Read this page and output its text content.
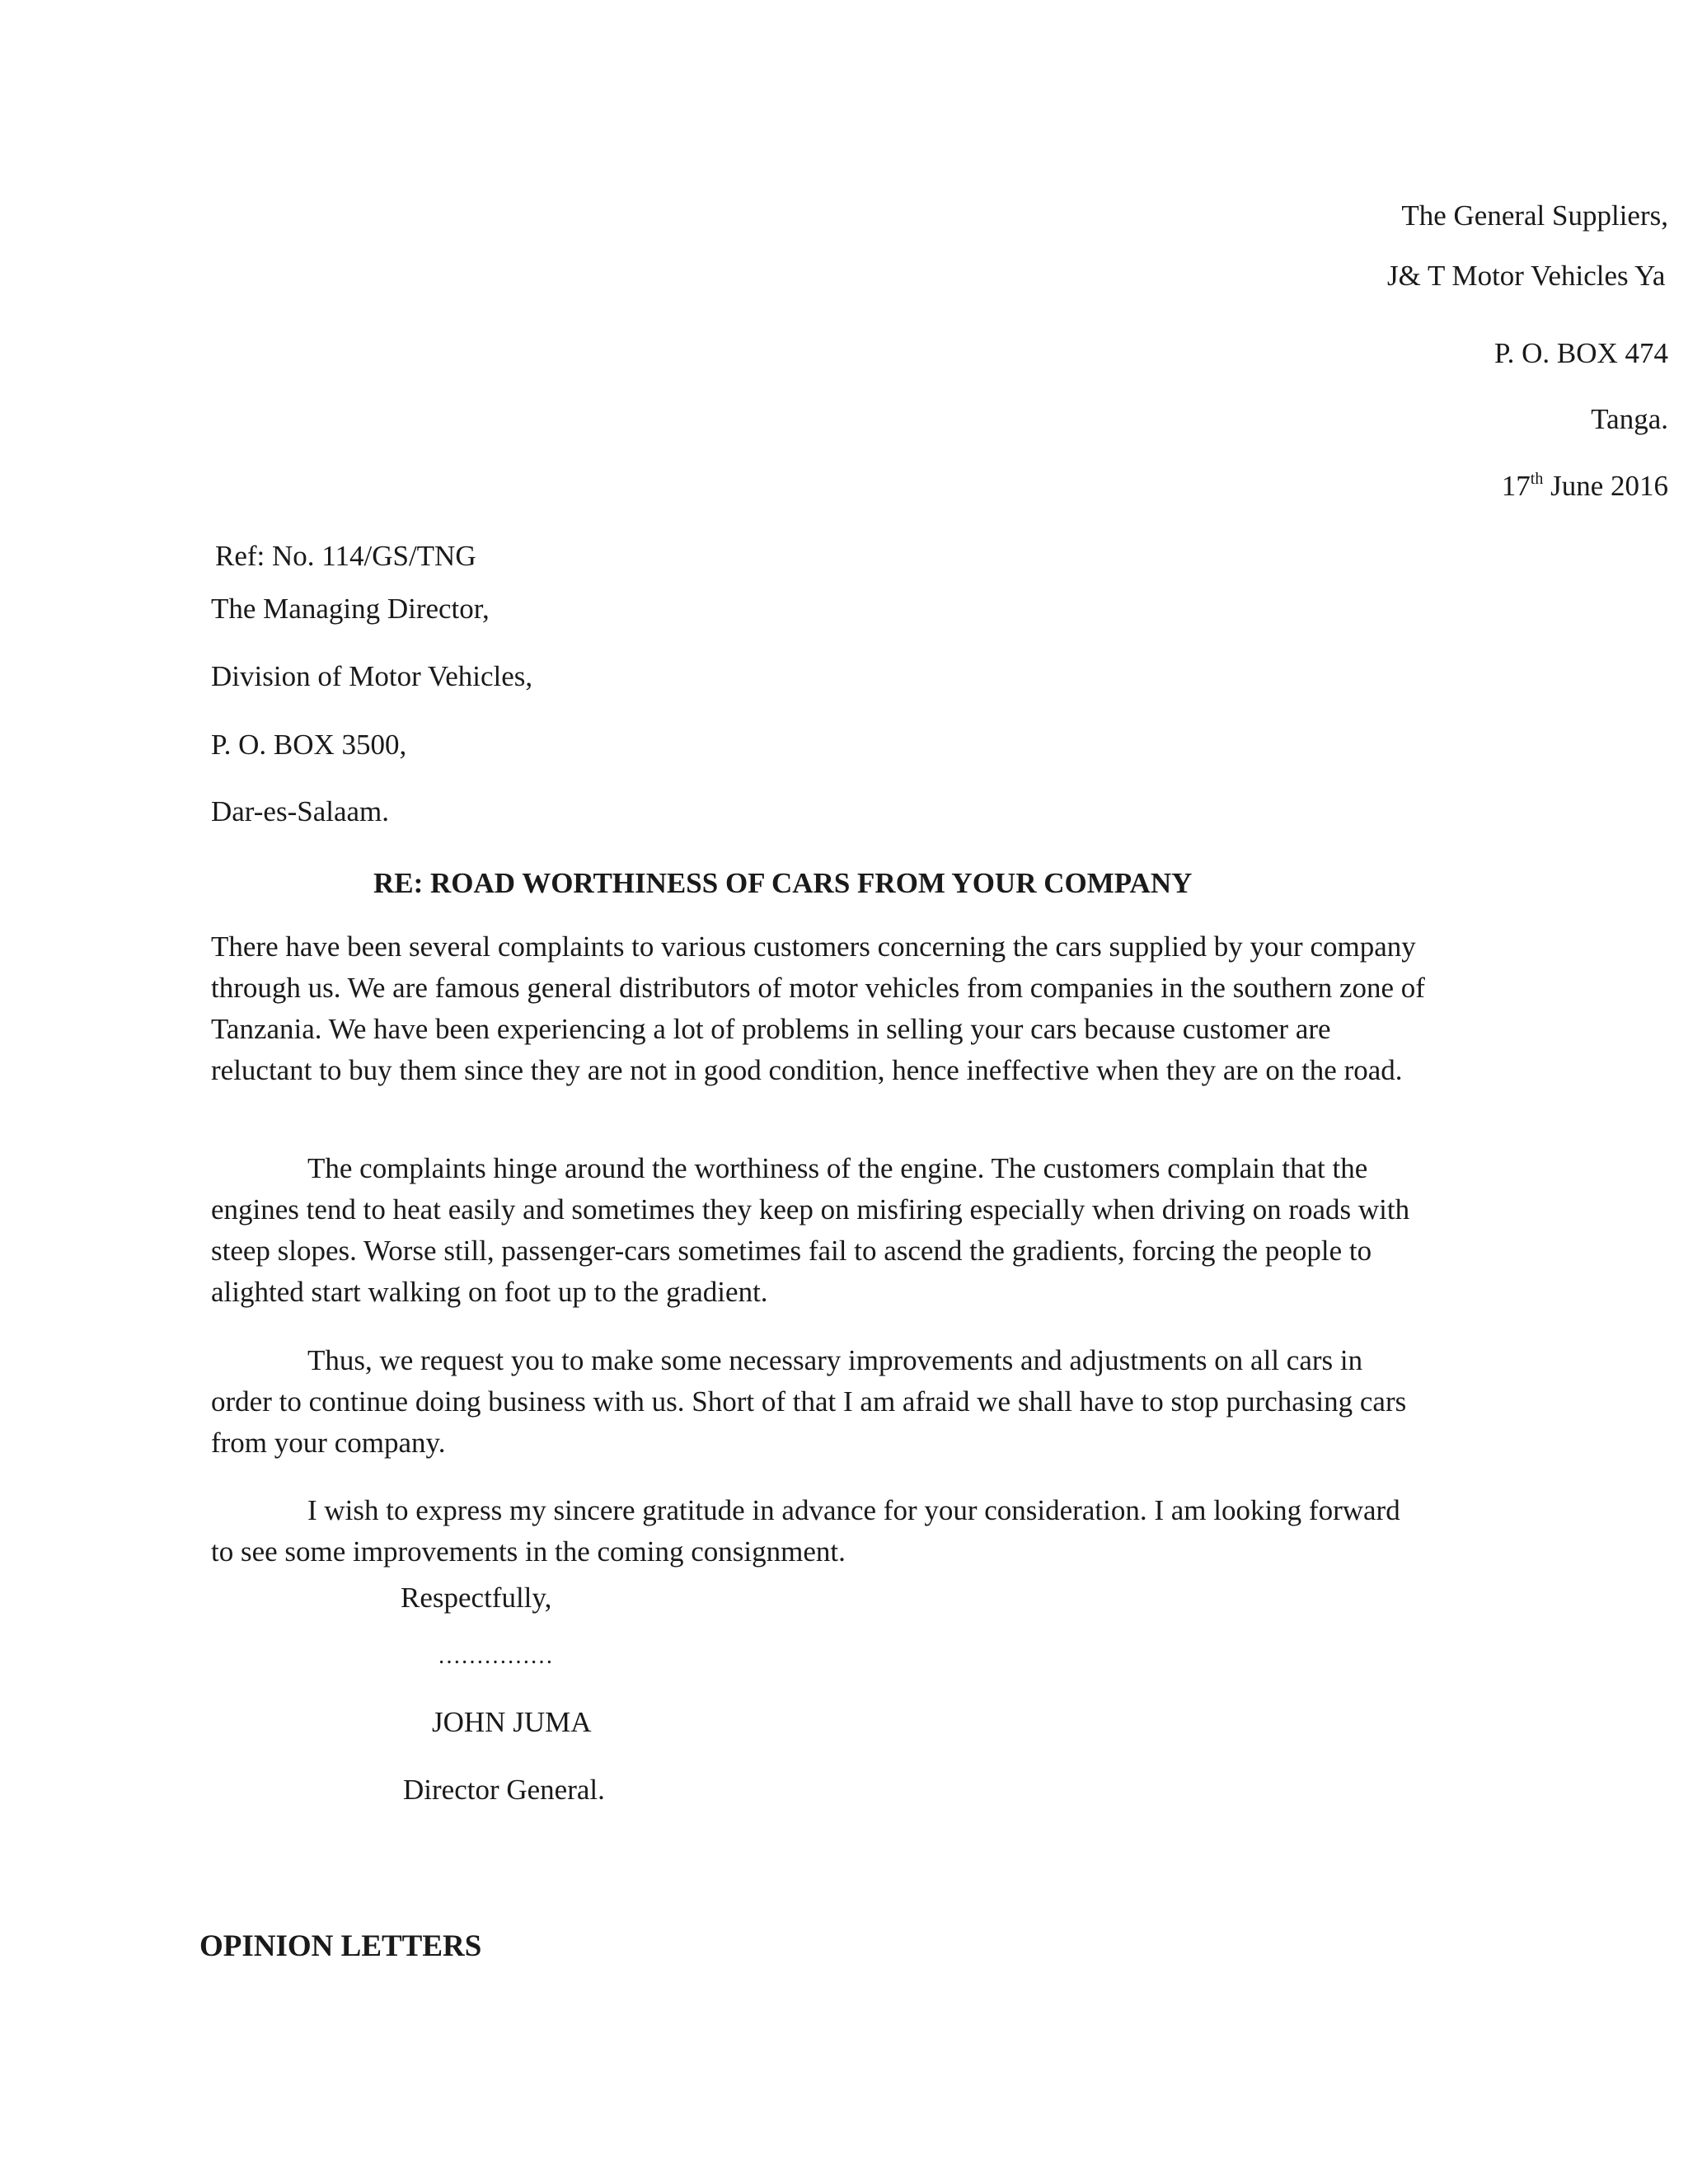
The General Suppliers,
J& T Motor Vehicles Ya
P. O. BOX 474
Tanga.
17th June 2016
Ref: No. 114/GS/TNG
The Managing Director,
Division of Motor Vehicles,
P. O. BOX 3500,
Dar-es-Salaam.
RE: ROAD WORTHINESS OF CARS FROM YOUR COMPANY
There have been several complaints to various customers concerning the cars supplied by your company through us. We are famous general distributors of motor vehicles from companies in the southern zone of Tanzania. We have been experiencing a lot of problems in selling your cars because customer are reluctant to buy them since they are not in good condition, hence ineffective when they are on the road.
The complaints hinge around the worthiness of the engine. The customers complain that the engines tend to heat easily and sometimes they keep on misfiring especially when driving on roads with steep slopes. Worse still, passenger-cars sometimes fail to ascend the gradients, forcing the people to alighted start walking on foot up to the gradient.
Thus, we request you to make some necessary improvements and adjustments on all cars in order to continue doing business with us. Short of that I am afraid we shall have to stop purchasing cars from your company.
I wish to express my sincere gratitude in advance for your consideration. I am looking forward to see some improvements in the coming consignment.
Respectfully,
……………
JOHN JUMA
Director General.
OPINION LETTERS
